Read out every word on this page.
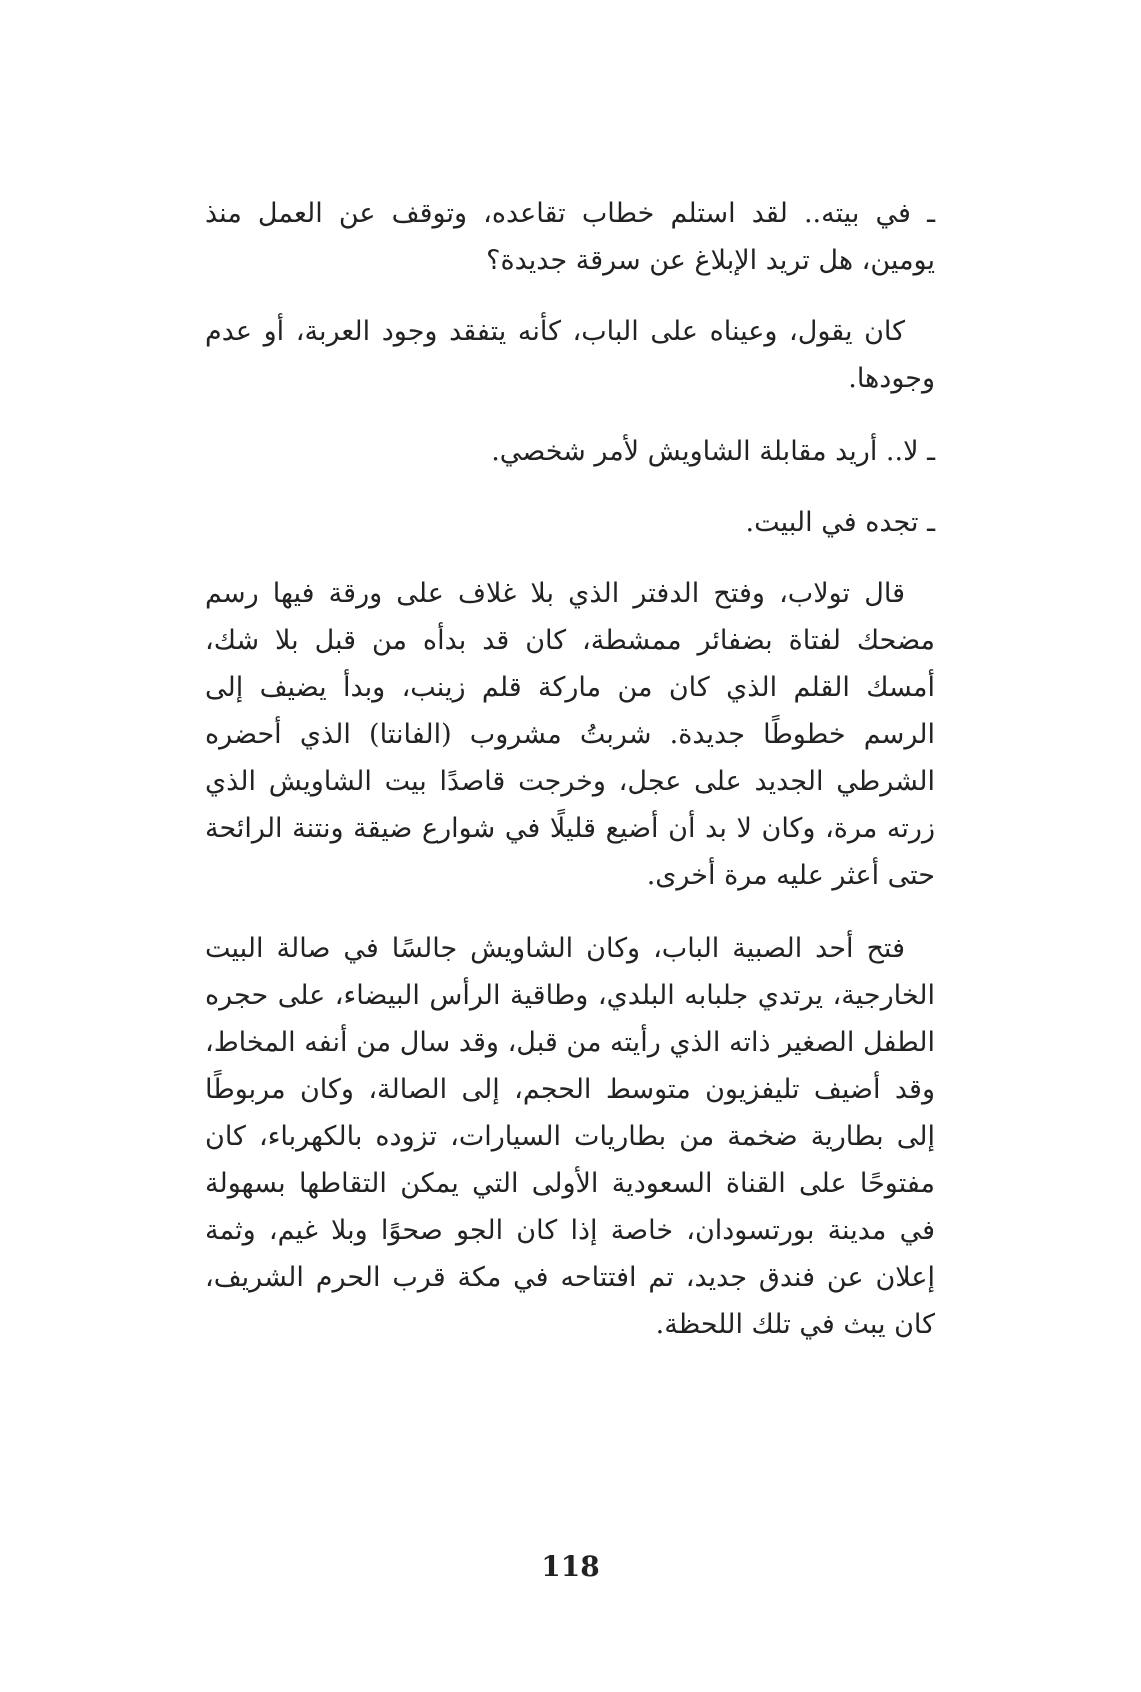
ـ في بيته.. لقد استلم خطاب تقاعده، وتوقف عن العمل منذ يومين، هل تريد الإبلاغ عن سرقة جديدة؟

كان يقول، وعيناه على الباب، كأنه يتفقد وجود العربة، أو عدم وجودها.

ـ لا.. أريد مقابلة الشاويش لأمر شخصي.

ـ تجده في البيت.

قال تولاب، وفتح الدفتر الذي بلا غلاف على ورقة فيها رسم مضحك لفتاة بضفائر ممشطة، كان قد بدأه من قبل بلا شك، أمسك القلم الذي كان من ماركة قلم زينب، وبدأ يضيف إلى الرسم خطوطًا جديدة. شربتُ مشروب (الفانتا) الذي أحضره الشرطي الجديد على عجل، وخرجت قاصدًا بيت الشاويش الذي زرته مرة، وكان لا بد أن أضيع قليلًا في شوارع ضيقة ونتنة الرائحة حتى أعثر عليه مرة أخرى.

فتح أحد الصبية الباب، وكان الشاويش جالسًا في صالة البيت الخارجية، يرتدي جلبابه البلدي، وطاقية الرأس البيضاء، على حجره الطفل الصغير ذاته الذي رأيته من قبل، وقد سال من أنفه المخاط، وقد أضيف تليفزيون متوسط الحجم، إلى الصالة، وكان مربوطًا إلى بطارية ضخمة من بطاريات السيارات، تزوده بالكهرباء، كان مفتوحًا على القناة السعودية الأولى التي يمكن التقاطها بسهولة في مدينة بورتسودان، خاصة إذا كان الجو صحوًا وبلا غيم، وثمة إعلان عن فندق جديد، تم افتتاحه في مكة قرب الحرم الشريف، كان يبث في تلك اللحظة.

118
